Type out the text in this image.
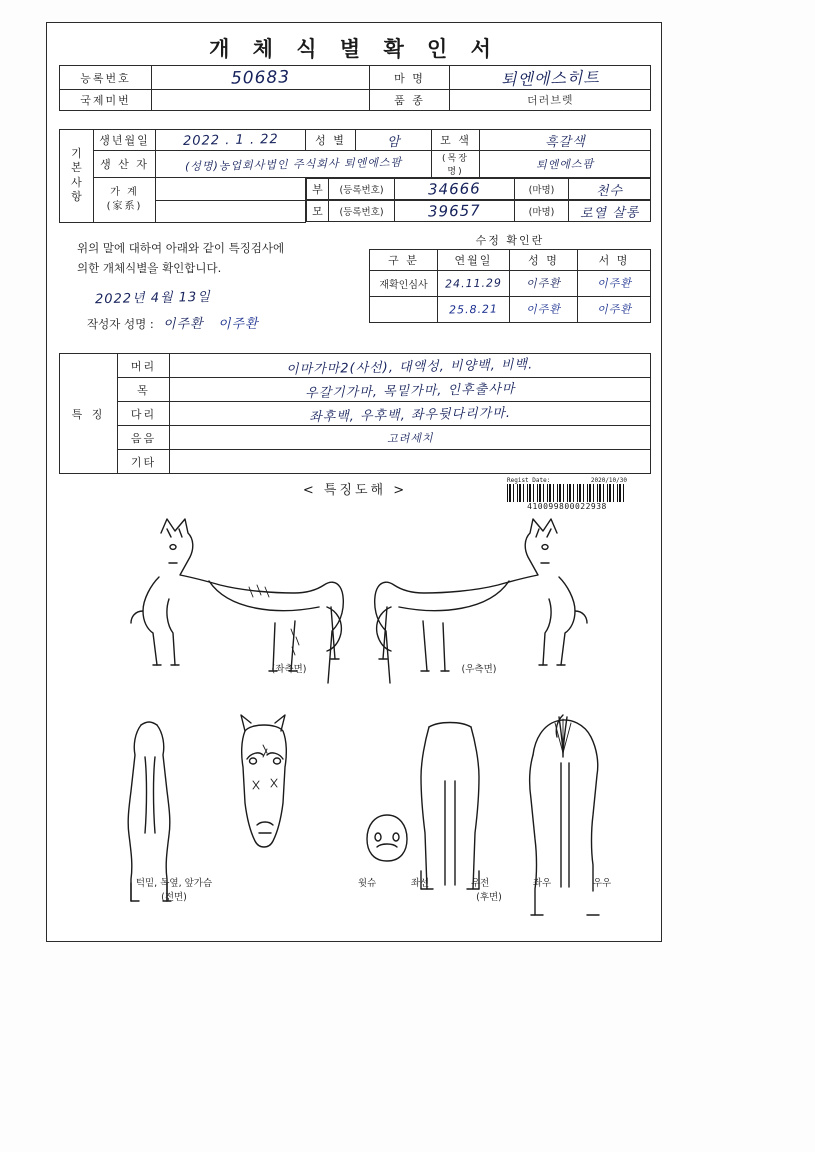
개 체 식 별 확 인 서
능록번호	50683	마 명	퇴엔에스히트
국제미번		품 종	더러브렛
기
본
사
항	생년월일	2022 . 1 . 22	성 별	암	모 색	흑갈색
생 산 자	(성명)농업회사법인 주식회사 퇴엔에스팜	(목장명)	퇴엔에스팜
가 계
(家系)		
부	(등록번호)	34666	(마명)	천수

모	(등록번호)	39657	(마명)	로열 살롱
위의 말에 대하여 아래와 같이 특징검사에
의한 개체식별을 확인합니다.
2022년 4월 13일
작성자 성명 : 이주환 이주환
수정 확인란			
구 분	연월일	성 명	서 명
재확인심사	24.11.29	이주환	이주환
	25.8.21	이주환	이주환
특 징	머리	이마가마2(사선), 대액성, 비양백, 비백.
	목	우갈기가마, 목밑가마, 인후출사마
	다리	좌후백, 우후백, 좌우뒷다리가마.
	음음	고려세치
	기타	
< 특징도해 >
Regist Date:	2020/10/30
410099800022938
(좌측면)	(우측면)
턱밑, 목옆, 앞가슴
(전면)
윗슈	좌선	우전
(후면)
좌우	우우
